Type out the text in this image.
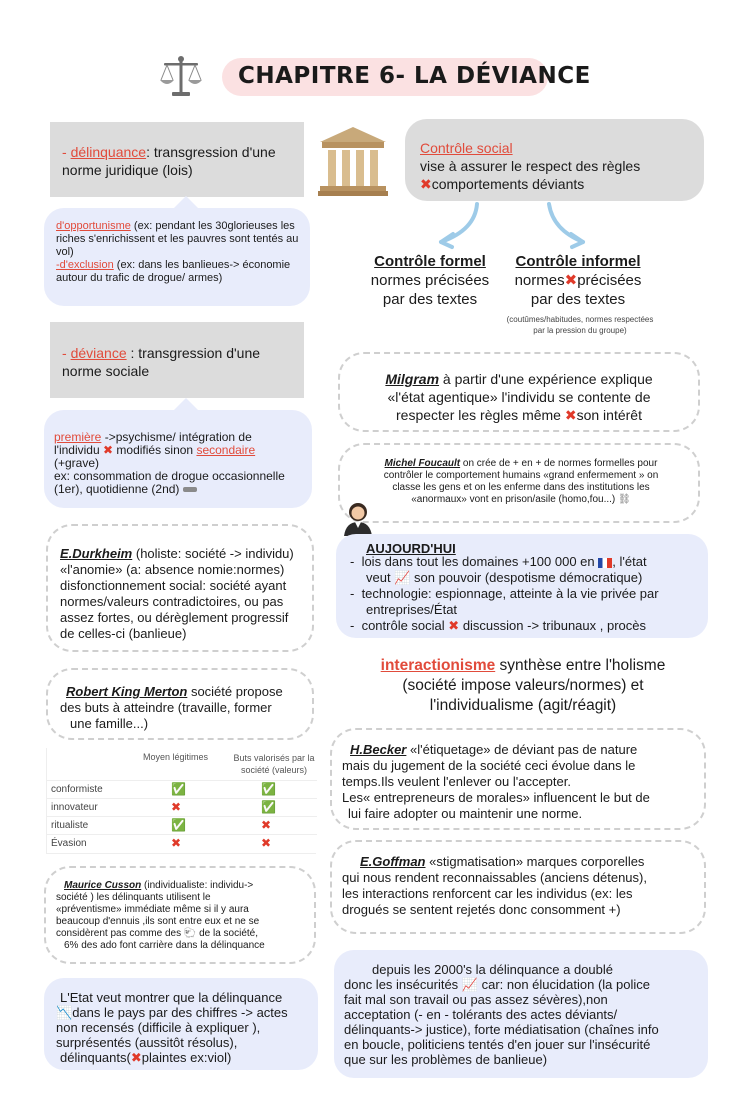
CHAPITRE 6- LA DÉVIANCE
- délinquance: transgression d'une norme juridique (lois)
d'opportunisme (ex: pendant les 30glorieuses les riches s'enrichissent et les pauvres sont tentés au vol)
-d'exclusion (ex: dans les banlieues-> économie autour du trafic de drogue/ armes)
Contrôle social
vise à assurer le respect des règles
✖comportements déviants
Contrôle formel
normes précisées
par des textes
Contrôle informel
normes✖précisées
par des textes
(coutûmes/habitudes, normes respectées
par la pression du groupe)
- déviance : transgression d'une norme sociale
première ->psychisme/ intégration de
l'individu ✖ modifiés sinon secondaire
(+grave)
ex: consommation de drogue occasionnelle
(1er), quotidienne (2nd)
Milgram à partir d'une expérience explique
«l'état agentique» l'individu se contente de
respecter les règles même ✖son intérêt
Michel Foucault on crée de + en + de normes formelles pour
contrôler le comportement humains «grand enfermement » on
classe les gens et on les enferme dans des institutions les
«anormaux» vont en prison/asile (homo,fou...) ⛓
E.Durkheim (holiste: société -> individu)
«l'anomie» (a: absence nomie:normes)
disfonctionnement social: société ayant
normes/valeurs contradictoires, ou pas
assez fortes, ou dérèglement progressif
de celles-ci (banlieue)
AUJOURD'HUI
-  lois dans tout les domaines +100 000 en , l'état
veut 📈 son pouvoir (despotisme démocratique)
-  technologie: espionnage, atteinte à la vie privée par
entreprises/État
-  contrôle social ✖ discussion -> tribunaux , procès
interactionisme synthèse entre l'holisme
(société impose valeurs/normes) et
l'individualisme (agit/réagit)
Robert King Merton société propose
des buts à atteindre (travaille, former
une famille...)
Moyen légitimes	Buts valorisés par la
société (valeurs)
conformiste	✅	✅
innovateur	✖	✅
ritualiste	✅	✖
Évasion	✖	✖
H.Becker «l'étiquetage» de déviant pas de nature
mais du jugement de la société ceci évolue dans le
temps.Ils veulent l'enlever ou l'accepter.
Les« entrepreneurs de morales» influencent le but de
lui faire adopter ou maintenir une norme.
Maurice Cusson (individualiste: individu->
société ) les délinquants utilisent le
«préventisme» immédiate même si il y aura
beaucoup d'ennuis ,ils sont entre eux et ne se
considèrent pas comme des 🐑 de la société,
6% des ado font carrière dans la délinquance
E.Goffman «stigmatisation» marques corporelles
qui nous rendent reconnaissables (anciens détenus),
les interactions renforcent car les individus (ex: les
drogués se sentent rejetés donc consomment +)
L'Etat veut montrer que la délinquance
📉dans le pays par des chiffres -> actes
non recensés (difficile à expliquer ),
surprésentés (aussitôt résolus),
délinquants(✖plaintes ex:viol)
depuis les 2000's la délinquance a doublé
donc les insécurités 📈 car: non élucidation (la police
fait mal son travail ou pas assez sévères),non
acceptation (- en - tolérants des actes déviants/
délinquants-> justice), forte médiatisation (chaînes info
en boucle, politiciens tentés d'en jouer sur l'insécurité
que sur les problèmes de banlieue)
